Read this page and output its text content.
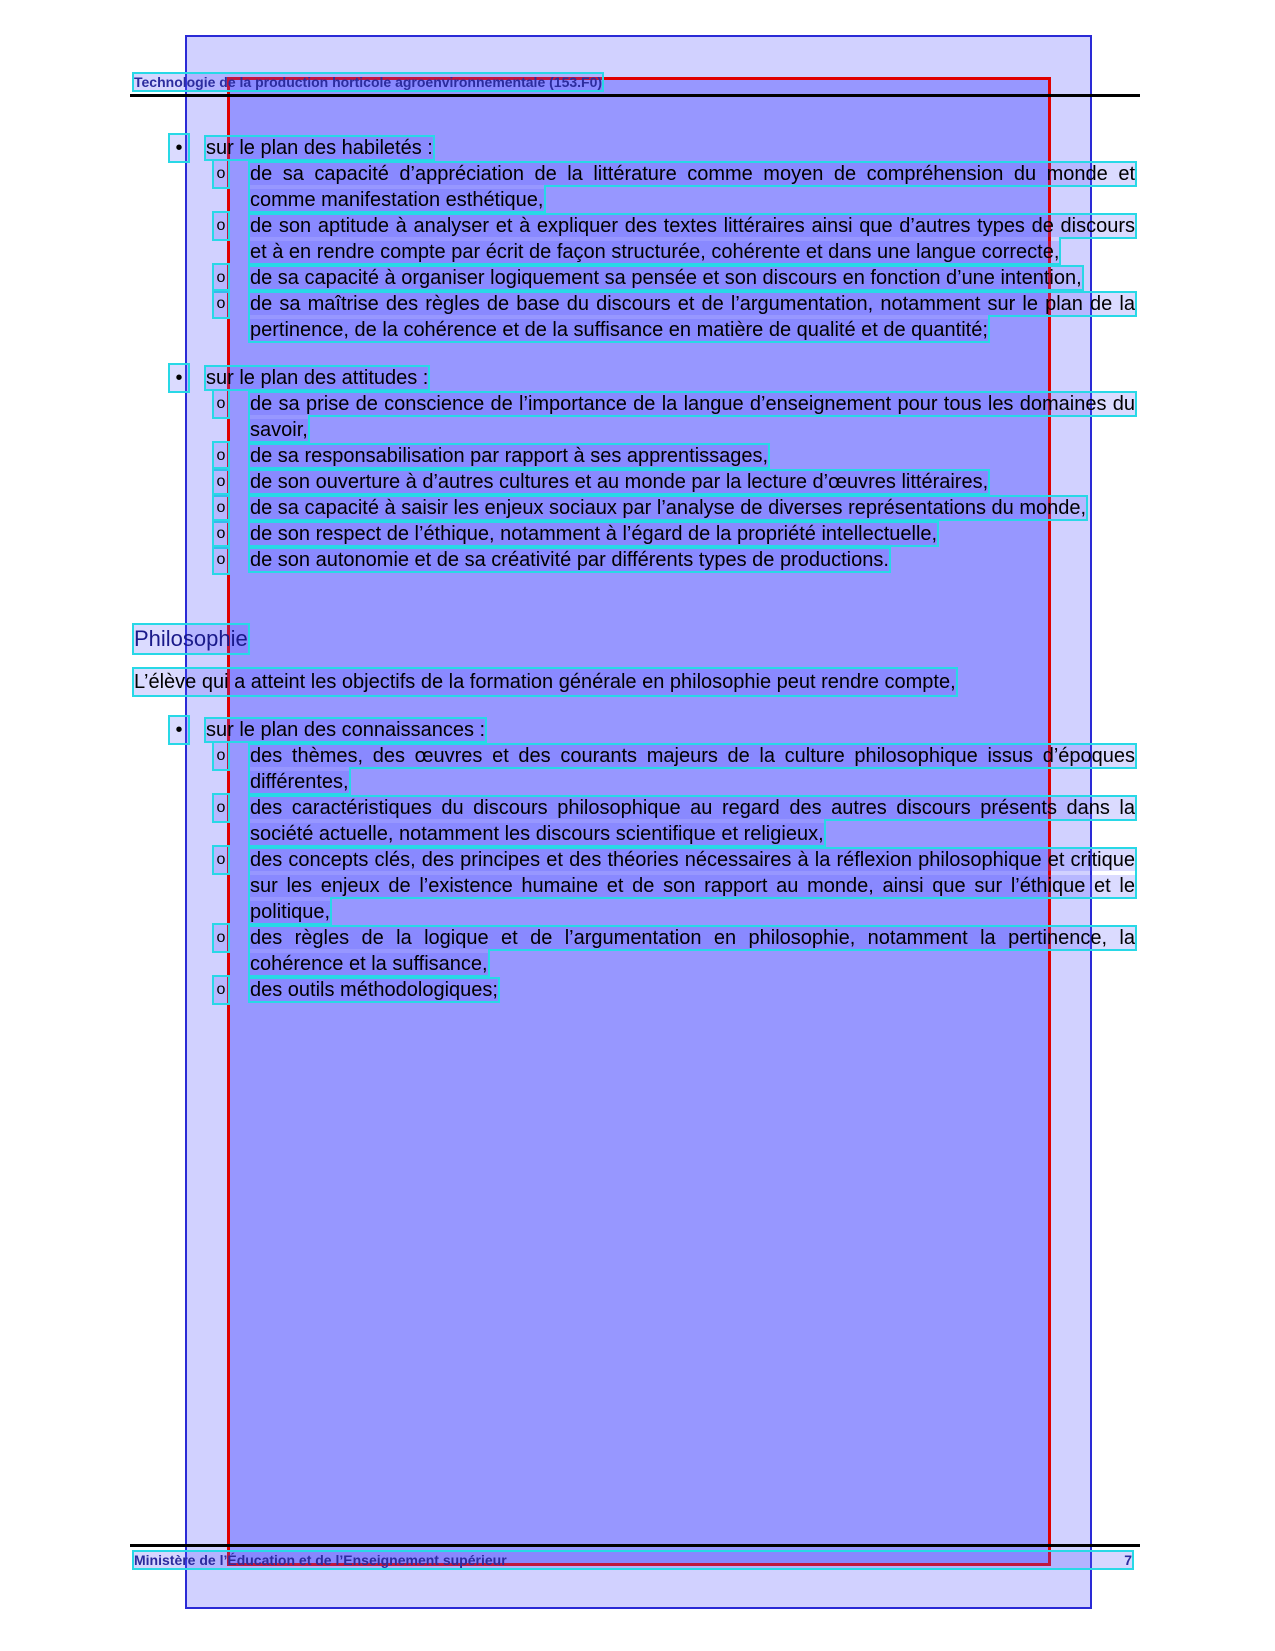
Technologie de la production horticole agroenvironnementale (153.F0)
• sur le plan des habiletés :
o de sa capacité d’appréciation de la littérature comme moyen de compréhension du monde et comme manifestation esthétique,
o de son aptitude à analyser et à expliquer des textes littéraires ainsi que d’autres types de discours et à en rendre compte par écrit de façon structurée, cohérente et dans une langue correcte,
o de sa capacité à organiser logiquement sa pensée et son discours en fonction d’une intention,
o de sa maîtrise des règles de base du discours et de l’argumentation, notamment sur le plan de la pertinence, de la cohérence et de la suffisance en matière de qualité et de quantité;
• sur le plan des attitudes :
o de sa prise de conscience de l’importance de la langue d’enseignement pour tous les domaines du savoir,
o de sa responsabilisation par rapport à ses apprentissages,
o de son ouverture à d’autres cultures et au monde par la lecture d’œuvres littéraires,
o de sa capacité à saisir les enjeux sociaux par l’analyse de diverses représentations du monde,
o de son respect de l’éthique, notamment à l’égard de la propriété intellectuelle,
o de son autonomie et de sa créativité par différents types de productions.
Philosophie
L’élève qui a atteint les objectifs de la formation générale en philosophie peut rendre compte,
• sur le plan des connaissances :
o des thèmes, des œuvres et des courants majeurs de la culture philosophique issus d’époques différentes,
o des caractéristiques du discours philosophique au regard des autres discours présents dans la société actuelle, notamment les discours scientifique et religieux,
o des concepts clés, des principes et des théories nécessaires à la réflexion philosophique et critique sur les enjeux de l’existence humaine et de son rapport au monde, ainsi que sur l’éthique et le politique,
o des règles de la logique et de l’argumentation en philosophie, notamment la pertinence, la cohérence et la suffisance,
o des outils méthodologiques;
Ministère de l’Éducation et de l’Enseignement supérieur	7
